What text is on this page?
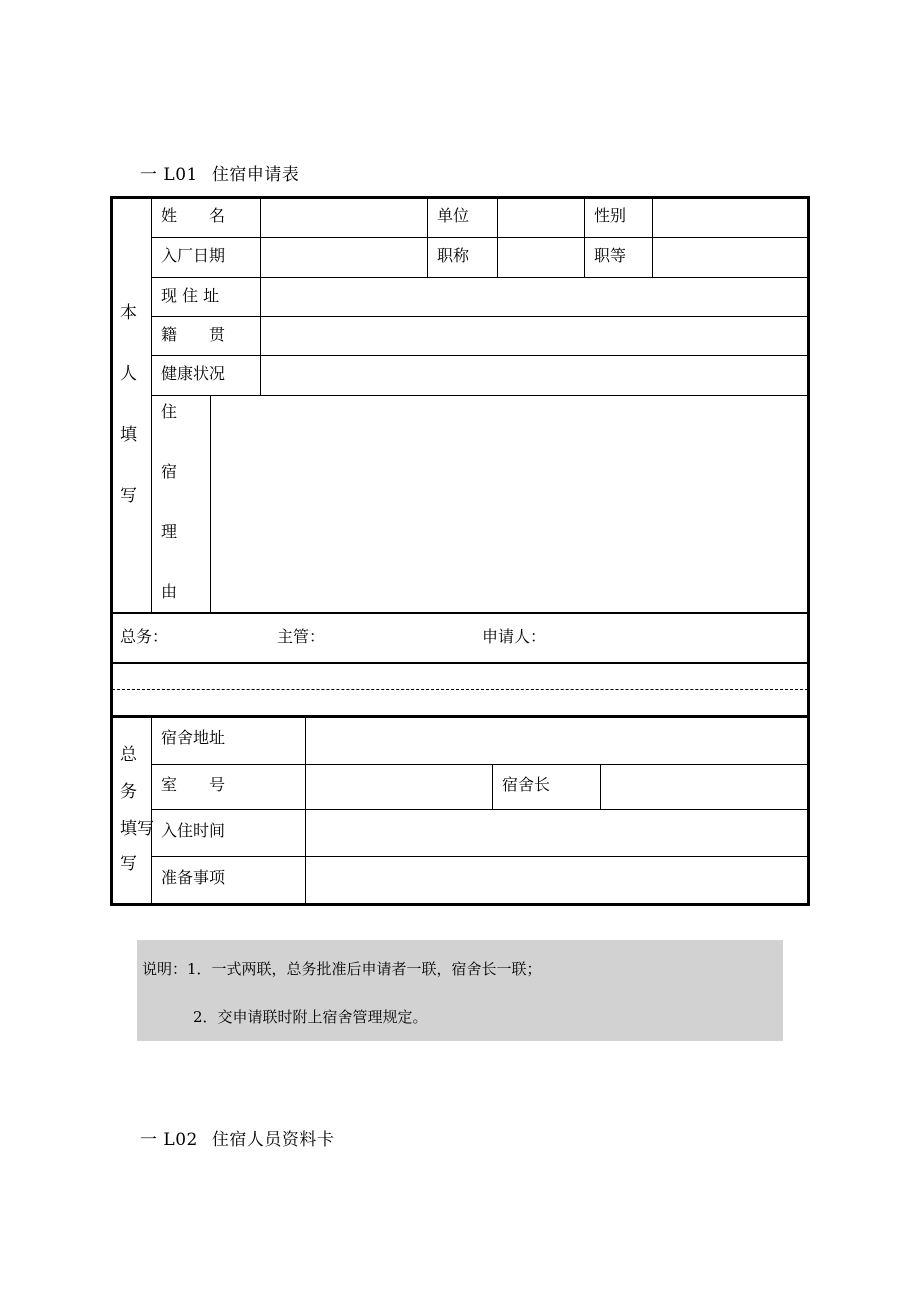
一 L01 住宿申请表
本
人
填
写
姓　　名	单位	性别
入厂日期	职称	职等
现 住 址
籍　　贯
健康状况
住
宿
理
由
总务：	主管：	申请人：
总
务
填写
写
宿舍地址
室　　号	宿舍长
入住时间
准备事项
说明：1．一式两联，总务批准后申请者一联，宿舍长一联；
2．交申请联时附上宿舍管理规定。
一 L02 住宿人员资料卡
